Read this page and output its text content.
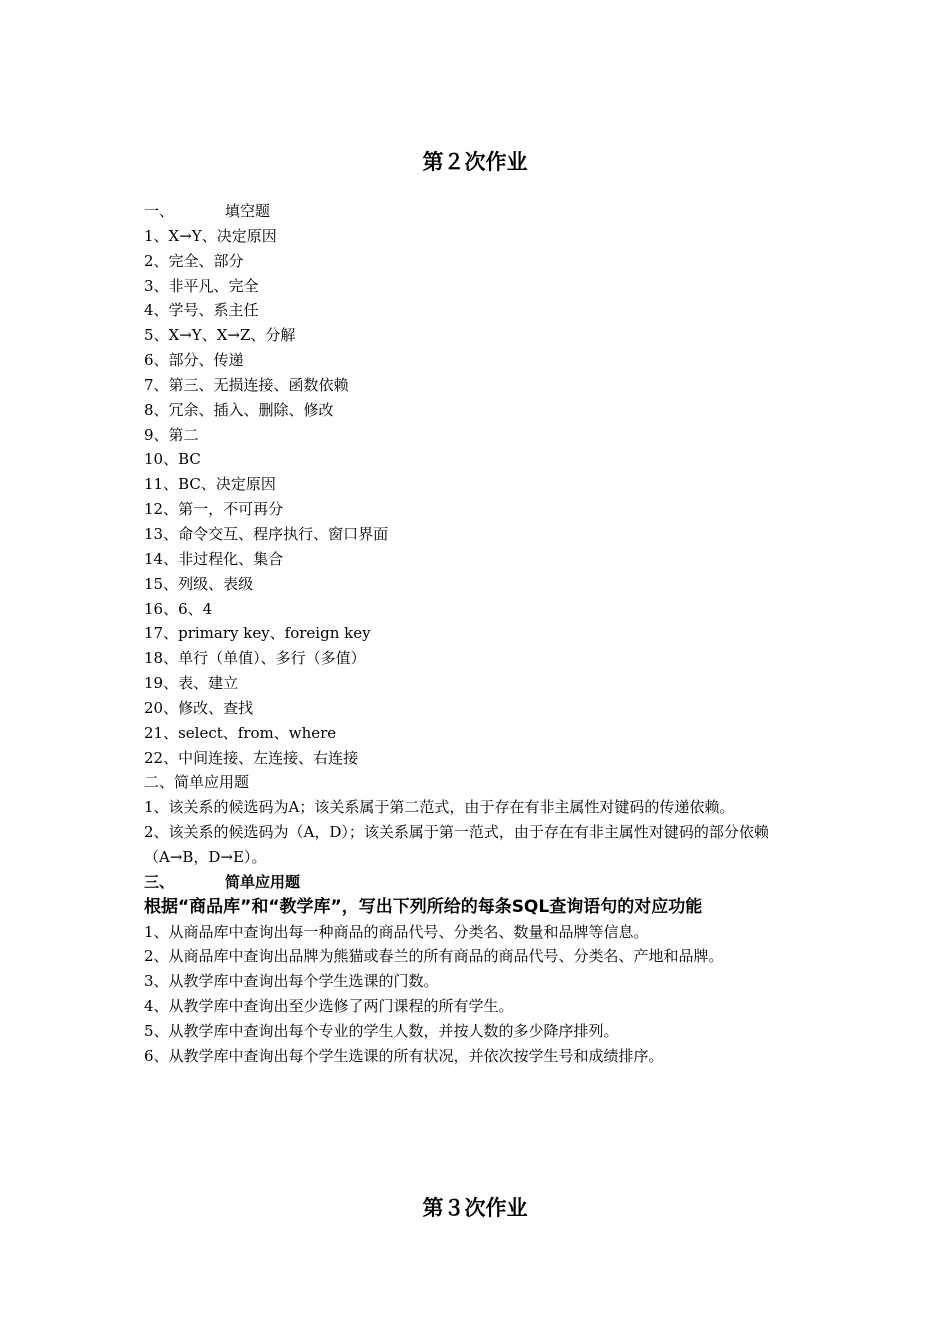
第２次作业
一、	填空题
1、X→Y、决定原因
2、完全、部分
3、非平凡、完全
4、学号、系主任
5、X→Y、X→Z、分解
6、部分、传递
7、第三、无损连接、函数依赖
8、冗余、插入、删除、修改
9、第二
10、BC
11、BC、决定原因
12、第一，不可再分
13、命令交互、程序执行、窗口界面
14、非过程化、集合
15、列级、表级
16、6、4
17、primary key、foreign key
18、单行（单值）、多行（多值）
19、表、建立
20、修改、查找
21、select、from、where
22、中间连接、左连接、右连接
二、简单应用题
1、该关系的候选码为A；该关系属于第二范式，由于存在有非主属性对键码的传递依赖。
2、该关系的候选码为（A，D）；该关系属于第一范式，由于存在有非主属性对键码的部分依赖（A→B，D→E）。
三、	简单应用题
根据“商品库”和“教学库”，写出下列所给的每条SQL查询语句的对应功能
1、从商品库中查询出每一种商品的商品代号、分类名、数量和品牌等信息。
2、从商品库中查询出品牌为熊猫或春兰的所有商品的商品代号、分类名、产地和品牌。
3、从教学库中查询出每个学生选课的门数。
4、从教学库中查询出至少选修了两门课程的所有学生。
5、从教学库中查询出每个专业的学生人数，并按人数的多少降序排列。
6、从教学库中查询出每个学生选课的所有状况，并依次按学生号和成绩排序。
第３次作业
